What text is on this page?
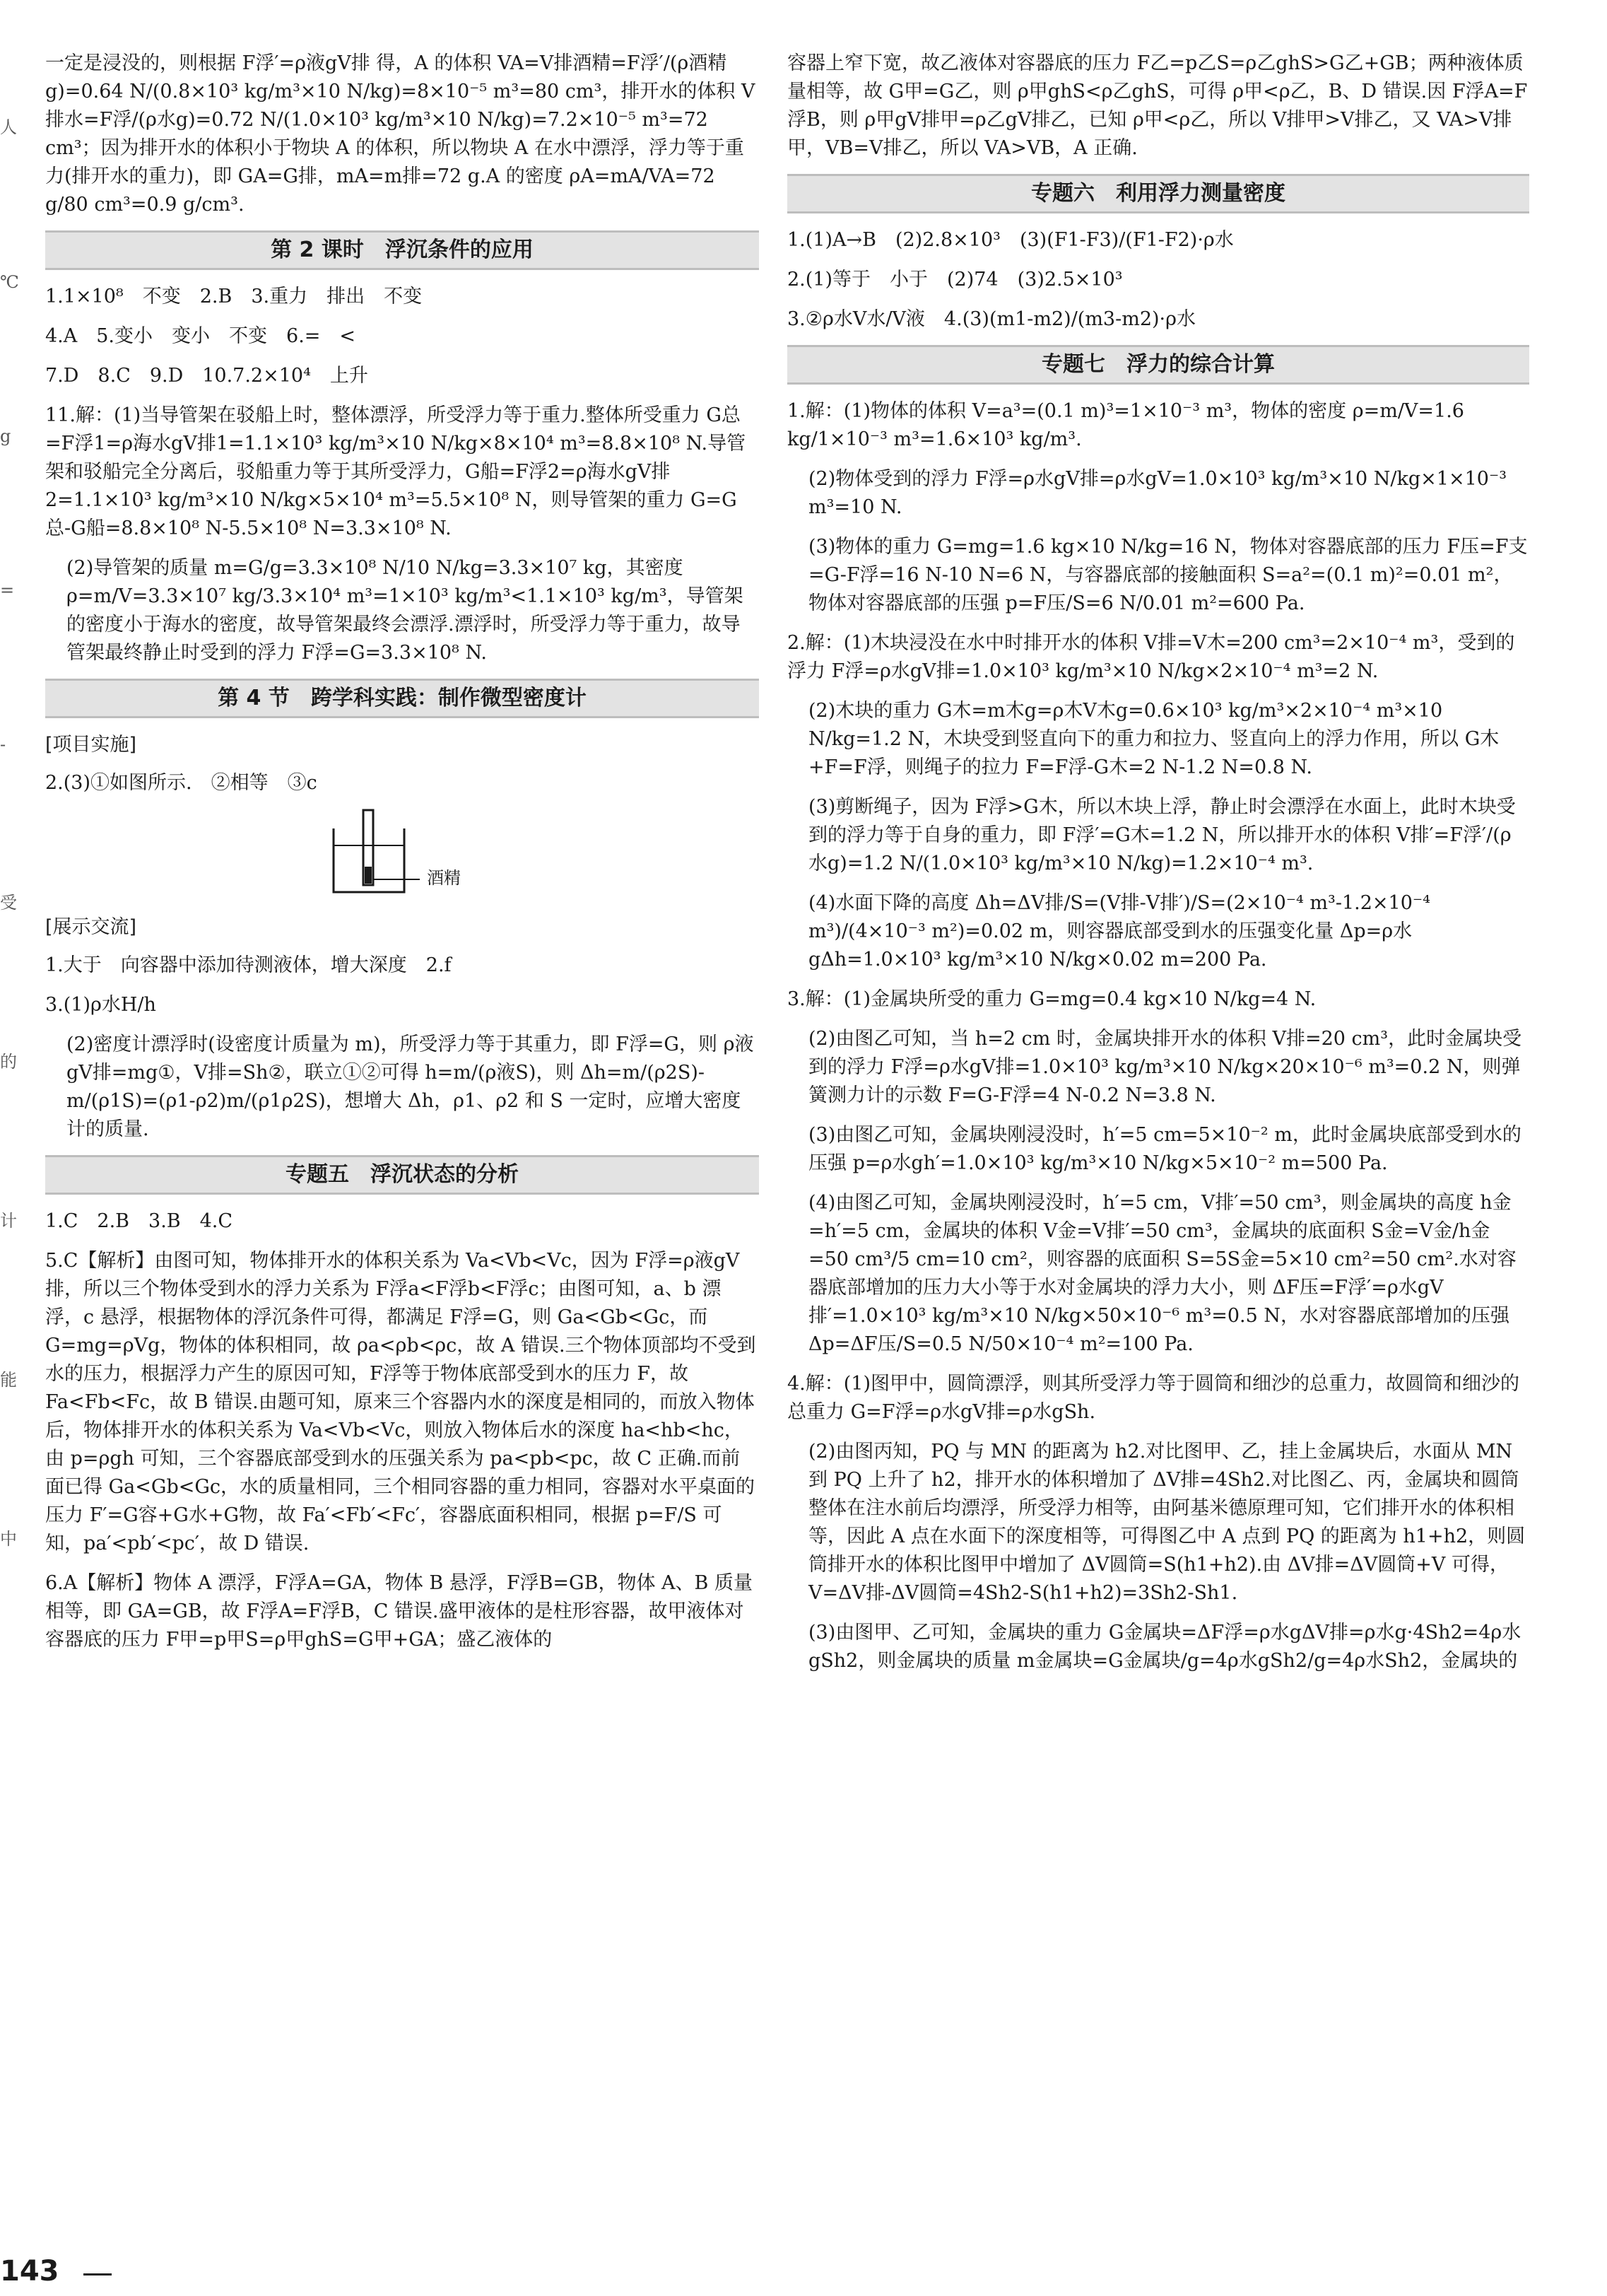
人
℃
g
=
-
受
的
计
能
中

一定是浸没的，则根据 F浮′=ρ液gV排 得，A 的体积 VA=V排酒精=F浮′/(ρ酒精g)=0.64 N/(0.8×10³ kg/m³×10 N/kg)=8×10⁻⁵ m³=80 cm³，排开水的体积 V排水=F浮/(ρ水g)=0.72 N/(1.0×10³ kg/m³×10 N/kg)=7.2×10⁻⁵ m³=72 cm³；因为排开水的体积小于物块 A 的体积，所以物块 A 在水中漂浮，浮力等于重力(排开水的重力)，即 GA=G排，mA=m排=72 g.A 的密度 ρA=mA/VA=72 g/80 cm³=0.9 g/cm³.

第 2 课时　浮沉条件的应用

1.1×10⁸　不变　2.B　3.重力　排出　不变

4.A　5.变小　变小　不变　6.=　<

7.D　8.C　9.D　10.7.2×10⁴　上升

11.解：(1)当导管架在驳船上时，整体漂浮，所受浮力等于重力.整体所受重力 G总=F浮1=ρ海水gV排1=1.1×10³ kg/m³×10 N/kg×8×10⁴ m³=8.8×10⁸ N.导管架和驳船完全分离后，驳船重力等于其所受浮力，G船=F浮2=ρ海水gV排2=1.1×10³ kg/m³×10 N/kg×5×10⁴ m³=5.5×10⁸ N，则导管架的重力 G=G总-G船=8.8×10⁸ N-5.5×10⁸ N=3.3×10⁸ N.

(2)导管架的质量 m=G/g=3.3×10⁸ N/10 N/kg=3.3×10⁷ kg，其密度 ρ=m/V=3.3×10⁷ kg/3.3×10⁴ m³=1×10³ kg/m³<1.1×10³ kg/m³，导管架的密度小于海水的密度，故导管架最终会漂浮.漂浮时，所受浮力等于重力，故导管架最终静止时受到的浮力 F浮=G=3.3×10⁸ N.

第 4 节　跨学科实践：制作微型密度计
[项目实施]

2.(3)①如图所示.　②相等　③c

酒精
[展示交流]

1.大于　向容器中添加待测液体，增大深度　2.f

3.(1)ρ水H/h

(2)密度计漂浮时(设密度计质量为 m)，所受浮力等于其重力，即 F浮=G，则 ρ液gV排=mg①，V排=Sh②，联立①②可得 h=m/(ρ液S)，则 Δh=m/(ρ2S)-m/(ρ1S)=(ρ1-ρ2)m/(ρ1ρ2S)，想增大 Δh，ρ1、ρ2 和 S 一定时，应增大密度计的质量.

专题五　浮沉状态的分析

1.C　2.B　3.B　4.C

5.C【解析】由图可知，物体排开水的体积关系为 Va<Vb<Vc，因为 F浮=ρ液gV排，所以三个物体受到水的浮力关系为 F浮a<F浮b<F浮c；由图可知，a、b 漂浮，c 悬浮，根据物体的浮沉条件可得，都满足 F浮=G，则 Ga<Gb<Gc，而 G=mg=ρVg，物体的体积相同，故 ρa<ρb<ρc，故 A 错误.三个物体顶部均不受到水的压力，根据浮力产生的原因可知，F浮等于物体底部受到水的压力 F，故 Fa<Fb<Fc，故 B 错误.由题可知，原来三个容器内水的深度是相同的，而放入物体后，物体排开水的体积关系为 Va<Vb<Vc，则放入物体后水的深度 ha<hb<hc，由 p=ρgh 可知，三个容器底部受到水的压强关系为 pa<pb<pc，故 C 正确.而前面已得 Ga<Gb<Gc，水的质量相同，三个相同容器的重力相同，容器对水平桌面的压力 F′=G容+G水+G物，故 Fa′<Fb′<Fc′，容器底面积相同，根据 p=F/S 可知，pa′<pb′<pc′，故 D 错误.

6.A【解析】物体 A 漂浮，F浮A=GA，物体 B 悬浮，F浮B=GB，物体 A、B 质量相等，即 GA=GB，故 F浮A=F浮B，C 错误.盛甲液体的是柱形容器，故甲液体对容器底的压力 F甲=p甲S=ρ甲ghS=G甲+GA；盛乙液体的

容器上窄下宽，故乙液体对容器底的压力 F乙=p乙S=ρ乙ghS>G乙+GB；两种液体质量相等，故 G甲=G乙，则 ρ甲ghS<ρ乙ghS，可得 ρ甲<ρ乙，B、D 错误.因 F浮A=F浮B，则 ρ甲gV排甲=ρ乙gV排乙，已知 ρ甲<ρ乙，所以 V排甲>V排乙，又 VA>V排甲，VB=V排乙，所以 VA>VB，A 正确.

专题六　利用浮力测量密度

1.(1)A→B　(2)2.8×10³　(3)(F1-F3)/(F1-F2)·ρ水

2.(1)等于　小于　(2)74　(3)2.5×10³

3.②ρ水V水/V液　4.(3)(m1-m2)/(m3-m2)·ρ水

专题七　浮力的综合计算

1.解：(1)物体的体积 V=a³=(0.1 m)³=1×10⁻³ m³，物体的密度 ρ=m/V=1.6 kg/1×10⁻³ m³=1.6×10³ kg/m³.

(2)物体受到的浮力 F浮=ρ水gV排=ρ水gV=1.0×10³ kg/m³×10 N/kg×1×10⁻³ m³=10 N.

(3)物体的重力 G=mg=1.6 kg×10 N/kg=16 N，物体对容器底部的压力 F压=F支=G-F浮=16 N-10 N=6 N，与容器底部的接触面积 S=a²=(0.1 m)²=0.01 m²，物体对容器底部的压强 p=F压/S=6 N/0.01 m²=600 Pa.

2.解：(1)木块浸没在水中时排开水的体积 V排=V木=200 cm³=2×10⁻⁴ m³，受到的浮力 F浮=ρ水gV排=1.0×10³ kg/m³×10 N/kg×2×10⁻⁴ m³=2 N.

(2)木块的重力 G木=m木g=ρ木V木g=0.6×10³ kg/m³×2×10⁻⁴ m³×10 N/kg=1.2 N，木块受到竖直向下的重力和拉力、竖直向上的浮力作用，所以 G木+F=F浮，则绳子的拉力 F=F浮-G木=2 N-1.2 N=0.8 N.

(3)剪断绳子，因为 F浮>G木，所以木块上浮，静止时会漂浮在水面上，此时木块受到的浮力等于自身的重力，即 F浮′=G木=1.2 N，所以排开水的体积 V排′=F浮′/(ρ水g)=1.2 N/(1.0×10³ kg/m³×10 N/kg)=1.2×10⁻⁴ m³.

(4)水面下降的高度 Δh=ΔV排/S=(V排-V排′)/S=(2×10⁻⁴ m³-1.2×10⁻⁴ m³)/(4×10⁻³ m²)=0.02 m，则容器底部受到水的压强变化量 Δp=ρ水gΔh=1.0×10³ kg/m³×10 N/kg×0.02 m=200 Pa.

3.解：(1)金属块所受的重力 G=mg=0.4 kg×10 N/kg=4 N.

(2)由图乙可知，当 h=2 cm 时，金属块排开水的体积 V排=20 cm³，此时金属块受到的浮力 F浮=ρ水gV排=1.0×10³ kg/m³×10 N/kg×20×10⁻⁶ m³=0.2 N，则弹簧测力计的示数 F=G-F浮=4 N-0.2 N=3.8 N.

(3)由图乙可知，金属块刚浸没时，h′=5 cm=5×10⁻² m，此时金属块底部受到水的压强 p=ρ水gh′=1.0×10³ kg/m³×10 N/kg×5×10⁻² m=500 Pa.

(4)由图乙可知，金属块刚浸没时，h′=5 cm，V排′=50 cm³，则金属块的高度 h金=h′=5 cm，金属块的体积 V金=V排′=50 cm³，金属块的底面积 S金=V金/h金=50 cm³/5 cm=10 cm²，则容器的底面积 S=5S金=5×10 cm²=50 cm².水对容器底部增加的压力大小等于水对金属块的浮力大小，则 ΔF压=F浮′=ρ水gV排′=1.0×10³ kg/m³×10 N/kg×50×10⁻⁶ m³=0.5 N，水对容器底部增加的压强 Δp=ΔF压/S=0.5 N/50×10⁻⁴ m²=100 Pa.

4.解：(1)图甲中，圆筒漂浮，则其所受浮力等于圆筒和细沙的总重力，故圆筒和细沙的总重力 G=F浮=ρ水gV排=ρ水gSh.

(2)由图丙知，PQ 与 MN 的距离为 h2.对比图甲、乙，挂上金属块后，水面从 MN 到 PQ 上升了 h2，排开水的体积增加了 ΔV排=4Sh2.对比图乙、丙，金属块和圆筒整体在注水前后均漂浮，所受浮力相等，由阿基米德原理可知，它们排开水的体积相等，因此 A 点在水面下的深度相等，可得图乙中 A 点到 PQ 的距离为 h1+h2，则圆筒排开水的体积比图甲中增加了 ΔV圆筒=S(h1+h2).由 ΔV排=ΔV圆筒+V 可得，V=ΔV排-ΔV圆筒=4Sh2-S(h1+h2)=3Sh2-Sh1.

(3)由图甲、乙可知，金属块的重力 G金属块=ΔF浮=ρ水gΔV排=ρ水g·4Sh2=4ρ水gSh2，则金属块的质量 m金属块=G金属块/g=4ρ水gSh2/g=4ρ水Sh2，金属块的

143
